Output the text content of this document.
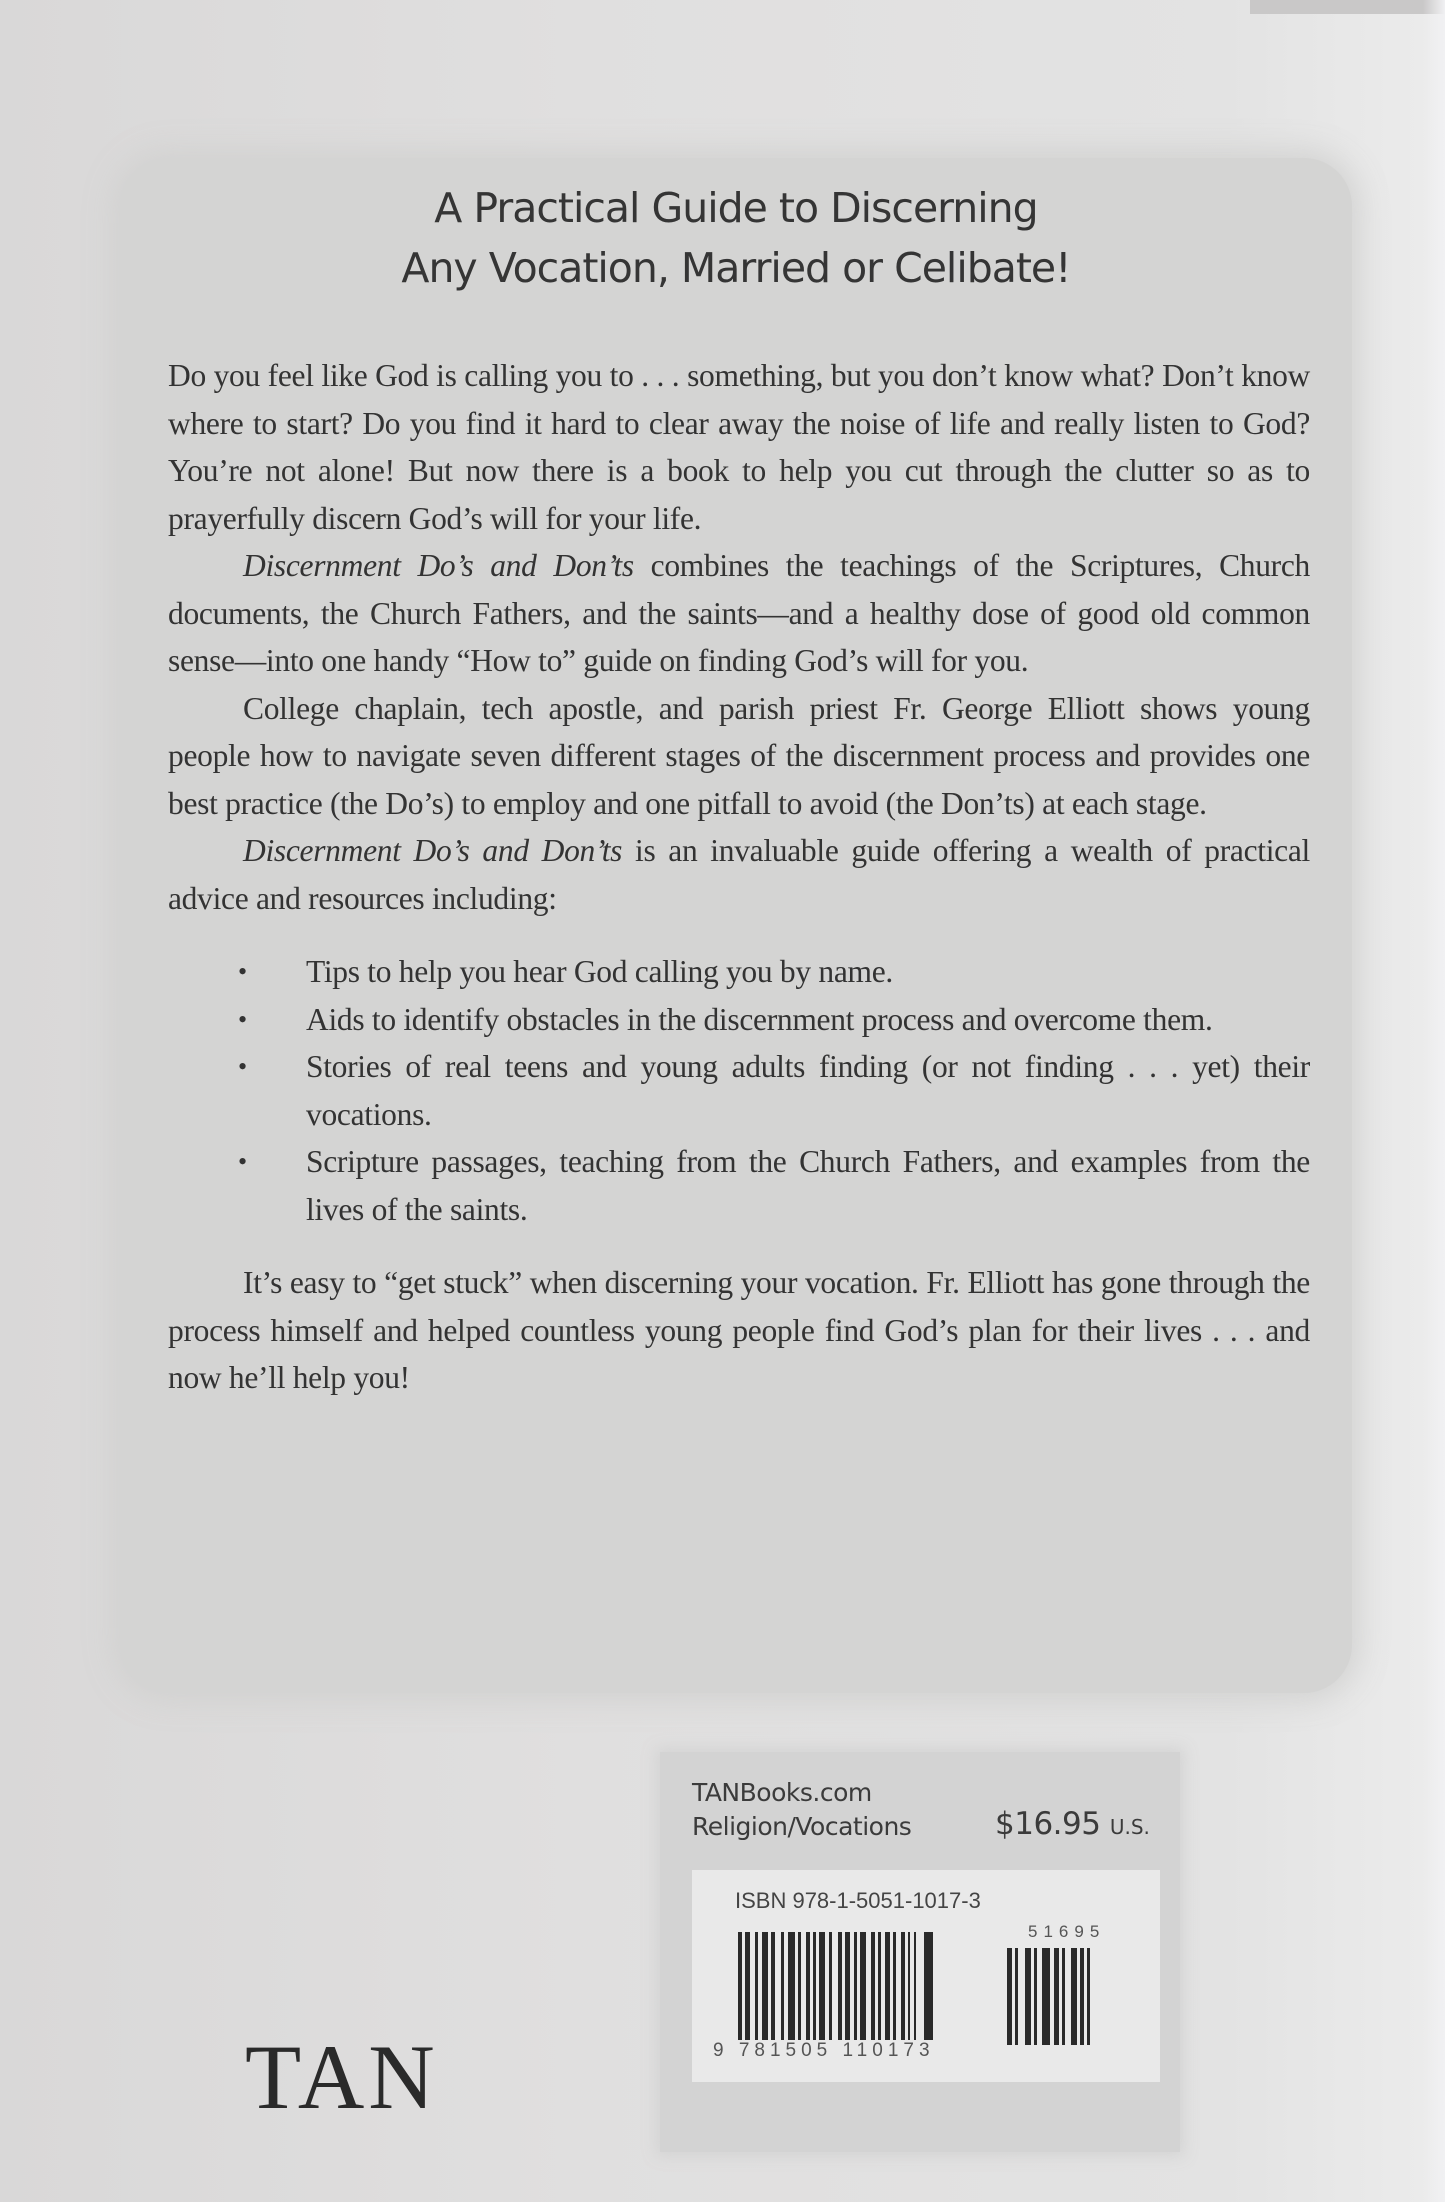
A Practical Guide to Discerning
Any Vocation, Married or Celibate!

Do you feel like God is calling you to . . . something, but you don’t know what? Don’t know where to start? Do you find it hard to clear away the noise of life and really listen to God? You’re not alone! But now there is a book to help you cut through the clutter so as to prayerfully discern God’s will for your life.

Discernment Do’s and Don’ts combines the teachings of the Scriptures, Church documents, the Church Fathers, and the saints—and a healthy dose of good old common sense—into one handy “How to” guide on finding God’s will for you.

College chaplain, tech apostle, and parish priest Fr. George Elliott shows young people how to navigate seven different stages of the discernment process and provides one best practice (the Do’s) to employ and one pitfall to avoid (the Don’ts) at each stage.

Discernment Do’s and Don’ts is an invaluable guide offering a wealth of practical advice and resources including:

• Tips to help you hear God calling you by name.
• Aids to identify obstacles in the discernment process and overcome them.
• Stories of real teens and young adults finding (or not finding . . . yet) their vocations.
• Scripture passages, teaching from the Church Fathers, and examples from the lives of the saints.

It’s easy to “get stuck” when discerning your vocation. Fr. Elliott has gone through the process himself and helped countless young people find God’s plan for their lives . . . and now he’ll help you!

TANBooks.com
Religion/Vocations	$16.95 U.S.
ISBN 978-1-5051-1017-3
51695
9 781505 110173
TAN
